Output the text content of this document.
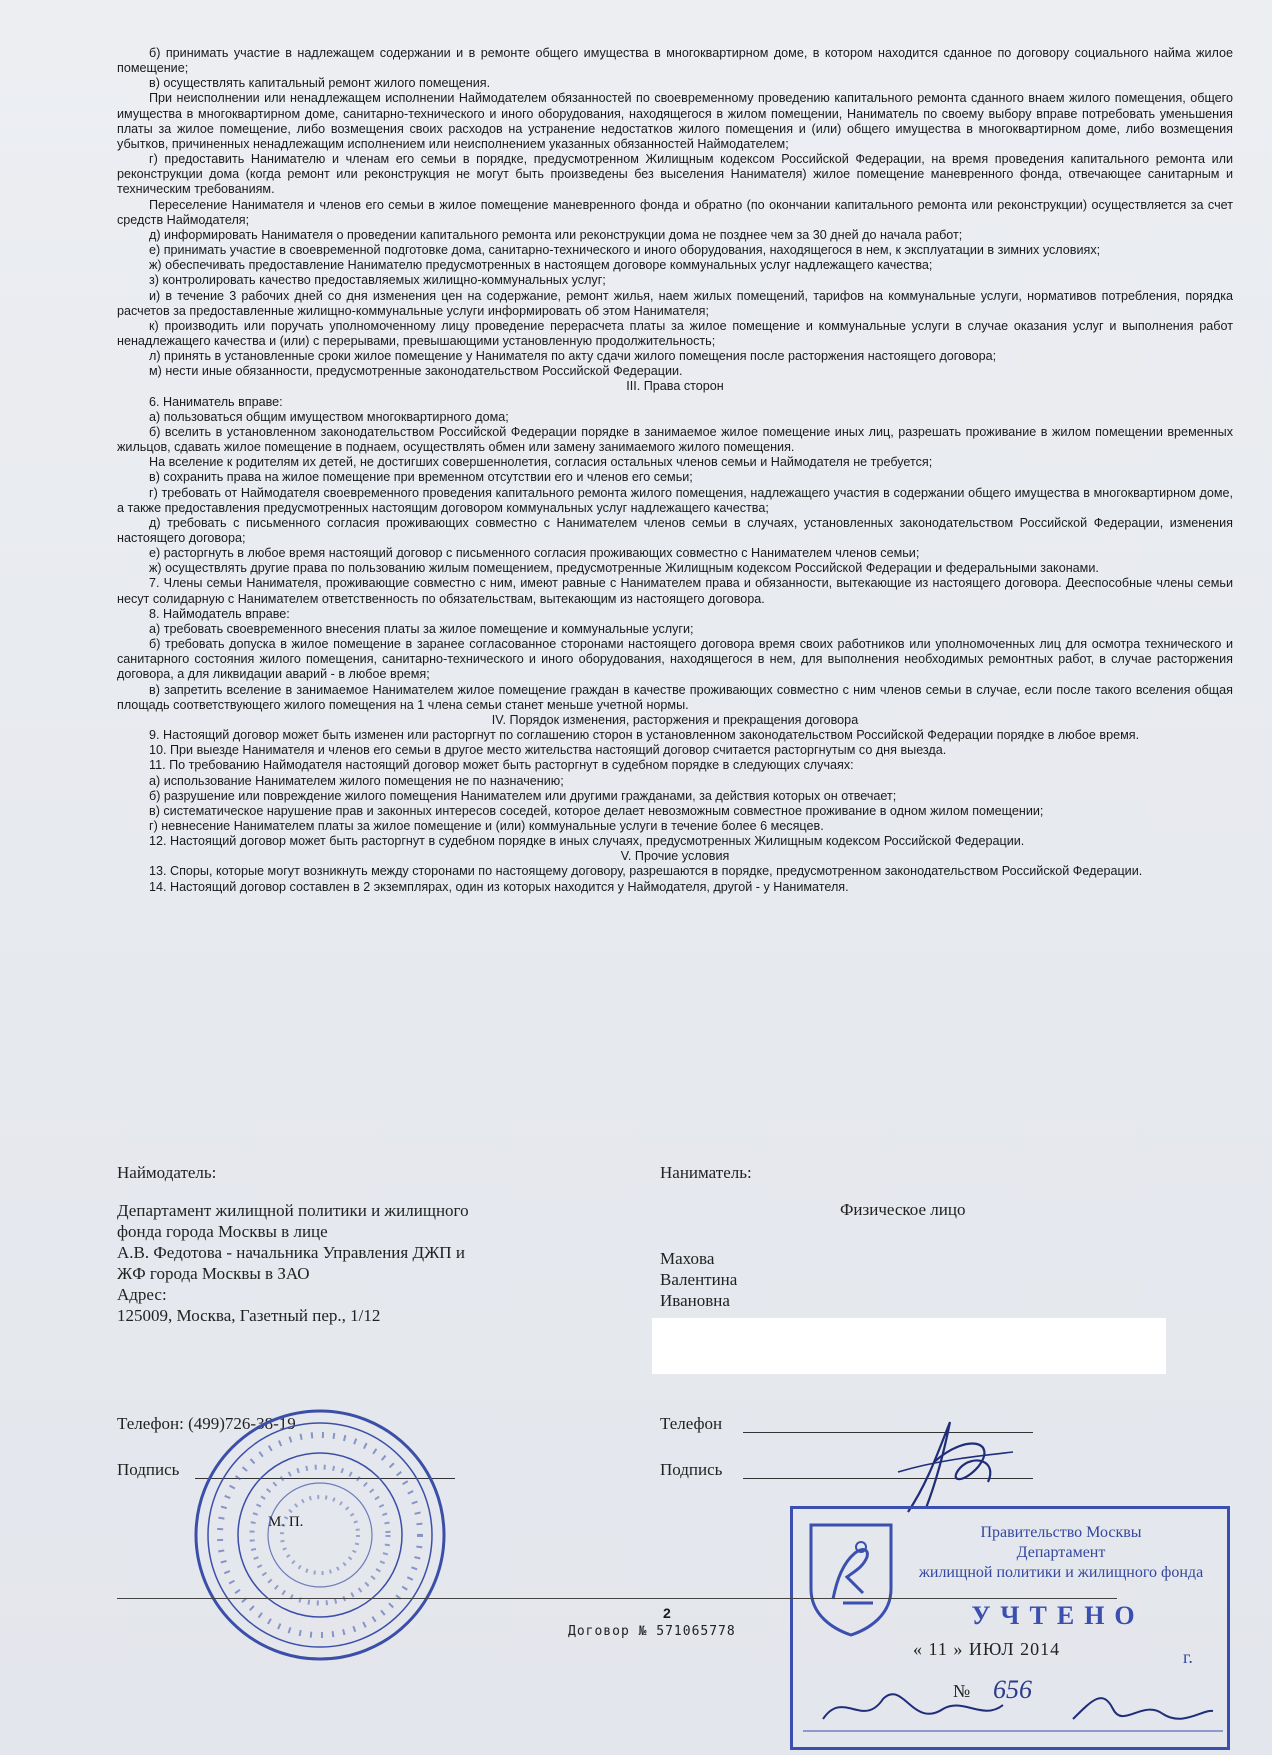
б) принимать участие в надлежащем содержании и в ремонте общего имущества в многоквартирном доме, в котором находится сданное по договору социального найма жилое помещение;

в) осуществлять капитальный ремонт жилого помещения.

При неисполнении или ненадлежащем исполнении Наймодателем обязанностей по своевременному проведению капитального ремонта сданного внаем жилого помещения, общего имущества в многоквартирном доме, санитарно-технического и иного оборудования, находящегося в жилом помещении, Наниматель по своему выбору вправе потребовать уменьшения платы за жилое помещение, либо возмещения своих расходов на устранение недостатков жилого помещения и (или) общего имущества в многоквартирном доме, либо возмещения убытков, причиненных ненадлежащим исполнением или неисполнением указанных обязанностей Наймодателем;

г) предоставить Нанимателю и членам его семьи в порядке, предусмотренном Жилищным кодексом Российской Федерации, на время проведения капитального ремонта или реконструкции дома (когда ремонт или реконструкция не могут быть произведены без выселения Нанимателя) жилое помещение маневренного фонда, отвечающее санитарным и техническим требованиям.

Переселение Нанимателя и членов его семьи в жилое помещение маневренного фонда и обратно (по окончании капитального ремонта или реконструкции) осуществляется за счет средств Наймодателя;

д) информировать Нанимателя о проведении капитального ремонта или реконструкции дома не позднее чем за 30 дней до начала работ;

е) принимать участие в своевременной подготовке дома, санитарно-технического и иного оборудования, находящегося в нем, к эксплуатации в зимних условиях;

ж) обеспечивать предоставление Нанимателю предусмотренных в настоящем договоре коммунальных услуг надлежащего качества;

з) контролировать качество предоставляемых жилищно-коммунальных услуг;

и) в течение 3 рабочих дней со дня изменения цен на содержание, ремонт жилья, наем жилых помещений, тарифов на коммунальные услуги, нормативов потребления, порядка расчетов за предоставленные жилищно-коммунальные услуги информировать об этом Нанимателя;

к) производить или поручать уполномоченному лицу проведение перерасчета платы за жилое помещение и коммунальные услуги в случае оказания услуг и выполнения работ ненадлежащего качества и (или) с перерывами, превышающими установленную продолжительность;

л) принять в установленные сроки жилое помещение у Нанимателя по акту сдачи жилого помещения после расторжения настоящего договора;

м) нести иные обязанности, предусмотренные законодательством Российской Федерации.

III. Права сторон

6. Наниматель вправе:

а) пользоваться общим имуществом многоквартирного дома;

б) вселить в установленном законодательством Российской Федерации порядке в занимаемое жилое помещение иных лиц, разрешать проживание в жилом помещении временных жильцов, сдавать жилое помещение в поднаем, осуществлять обмен или замену занимаемого жилого помещения.

На вселение к родителям их детей, не достигших совершеннолетия, согласия остальных членов семьи и Наймодателя не требуется;

в) сохранить права на жилое помещение при временном отсутствии его и членов его семьи;

г) требовать от Наймодателя своевременного проведения капитального ремонта жилого помещения, надлежащего участия в содержании общего имущества в многоквартирном доме, а также предоставления предусмотренных настоящим договором коммунальных услуг надлежащего качества;

д) требовать с письменного согласия проживающих совместно с Нанимателем членов семьи в случаях, установленных законодательством Российской Федерации, изменения настоящего договора;

е) расторгнуть в любое время настоящий договор с письменного согласия проживающих совместно с Нанимателем членов семьи;

ж) осуществлять другие права по пользованию жилым помещением, предусмотренные Жилищным кодексом Российской Федерации и федеральными законами.

7. Члены семьи Нанимателя, проживающие совместно с ним, имеют равные с Нанимателем права и обязанности, вытекающие из настоящего договора. Дееспособные члены семьи несут солидарную с Нанимателем ответственность по обязательствам, вытекающим из настоящего договора.

8. Наймодатель вправе:

а) требовать своевременного внесения платы за жилое помещение и коммунальные услуги;

б) требовать допуска в жилое помещение в заранее согласованное сторонами настоящего договора время своих работников или уполномоченных лиц для осмотра технического и санитарного состояния жилого помещения, санитарно-технического и иного оборудования, находящегося в нем, для выполнения необходимых ремонтных работ, в случае расторжения договора, а для ликвидации аварий - в любое время;

в) запретить вселение в занимаемое Нанимателем жилое помещение граждан в качестве проживающих совместно с ним членов семьи в случае, если после такого вселения общая площадь соответствующего жилого помещения на 1 члена семьи станет меньше учетной нормы.

IV. Порядок изменения, расторжения и прекращения договора

9. Настоящий договор может быть изменен или расторгнут по соглашению сторон в установленном законодательством Российской Федерации порядке в любое время.

10. При выезде Нанимателя и членов его семьи в другое место жительства настоящий договор считается расторгнутым со дня выезда.

11. По требованию Наймодателя настоящий договор может быть расторгнут в судебном порядке в следующих случаях:

а) использование Нанимателем жилого помещения не по назначению;

б) разрушение или повреждение жилого помещения Нанимателем или другими гражданами, за действия которых он отвечает;

в) систематическое нарушение прав и законных интересов соседей, которое делает невозможным совместное проживание в одном жилом помещении;

г) невнесение Нанимателем платы за жилое помещение и (или) коммунальные услуги в течение более 6 месяцев.

12. Настоящий договор может быть расторгнут в судебном порядке в иных случаях, предусмотренных Жилищным кодексом Российской Федерации.

V. Прочие условия

13. Споры, которые могут возникнуть между сторонами по настоящему договору, разрешаются в порядке, предусмотренном законодательством Российской Федерации.

14. Настоящий договор составлен в 2 экземплярах, один из которых находится у Наймодателя, другой - у Нанимателя.

Наймодатель:
Департамент жилищной политики и жилищного
фонда города Москвы в лице
А.В. Федотова - начальника Управления ДЖП и
ЖФ города Москвы в ЗАО
Адрес:
125009, Москва, Газетный пер., 1/12
Телефон: (499)726-38-19
Подпись
М. П.
Наниматель:
Физическое лицо
Махова
Валентина
Ивановна
Телефон
Подпись
Правительство Москвы
Департамент
жилищной политики и жилищного фонда
УЧТЕНО
« 11 » ИЮЛ 2014	г.
№ 656
2
Договор № 571065778
